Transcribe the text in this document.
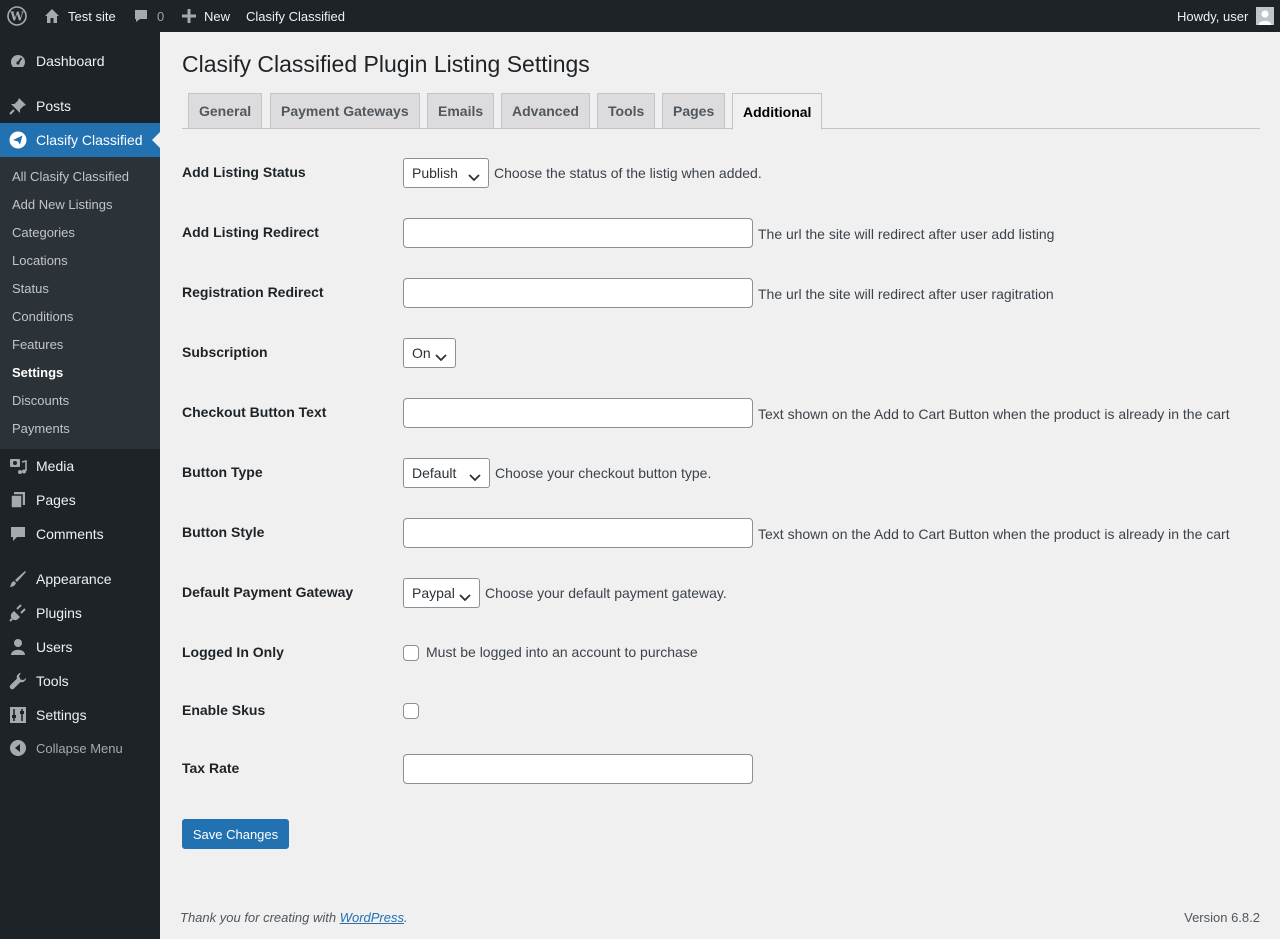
W	Test site	0	New Clasify Classified	Howdy, user
Dashboard
Posts
Clasify Classified
All Clasify Classified
Add New Listings
Categories
Locations
Status
Conditions
Features
Settings
Discounts
Payments
Media
Pages
Comments
Appearance
Plugins
Users
Tools
Settings
Collapse Menu
Clasify Classified Plugin Listing Settings
General	Payment Gateways	Emails	Advanced	Tools	Pages	Additional
Add Listing Status	Publish	Choose the status of the listig when added.
Add Listing Redirect	The url the site will redirect after user add listing
Registration Redirect	The url the site will redirect after user ragitration
Subscription	On
Checkout Button Text	Text shown on the Add to Cart Button when the product is already in the cart
Button Type	Default	Choose your checkout button type.
Button Style	Text shown on the Add to Cart Button when the product is already in the cart
Default Payment Gateway	Paypal Choose your default payment gateway.
Logged In Only	Must be logged into an account to purchase
Enable Skus
Tax Rate
Save Changes
Thank you for creating with WordPress.	Version 6.8.2
